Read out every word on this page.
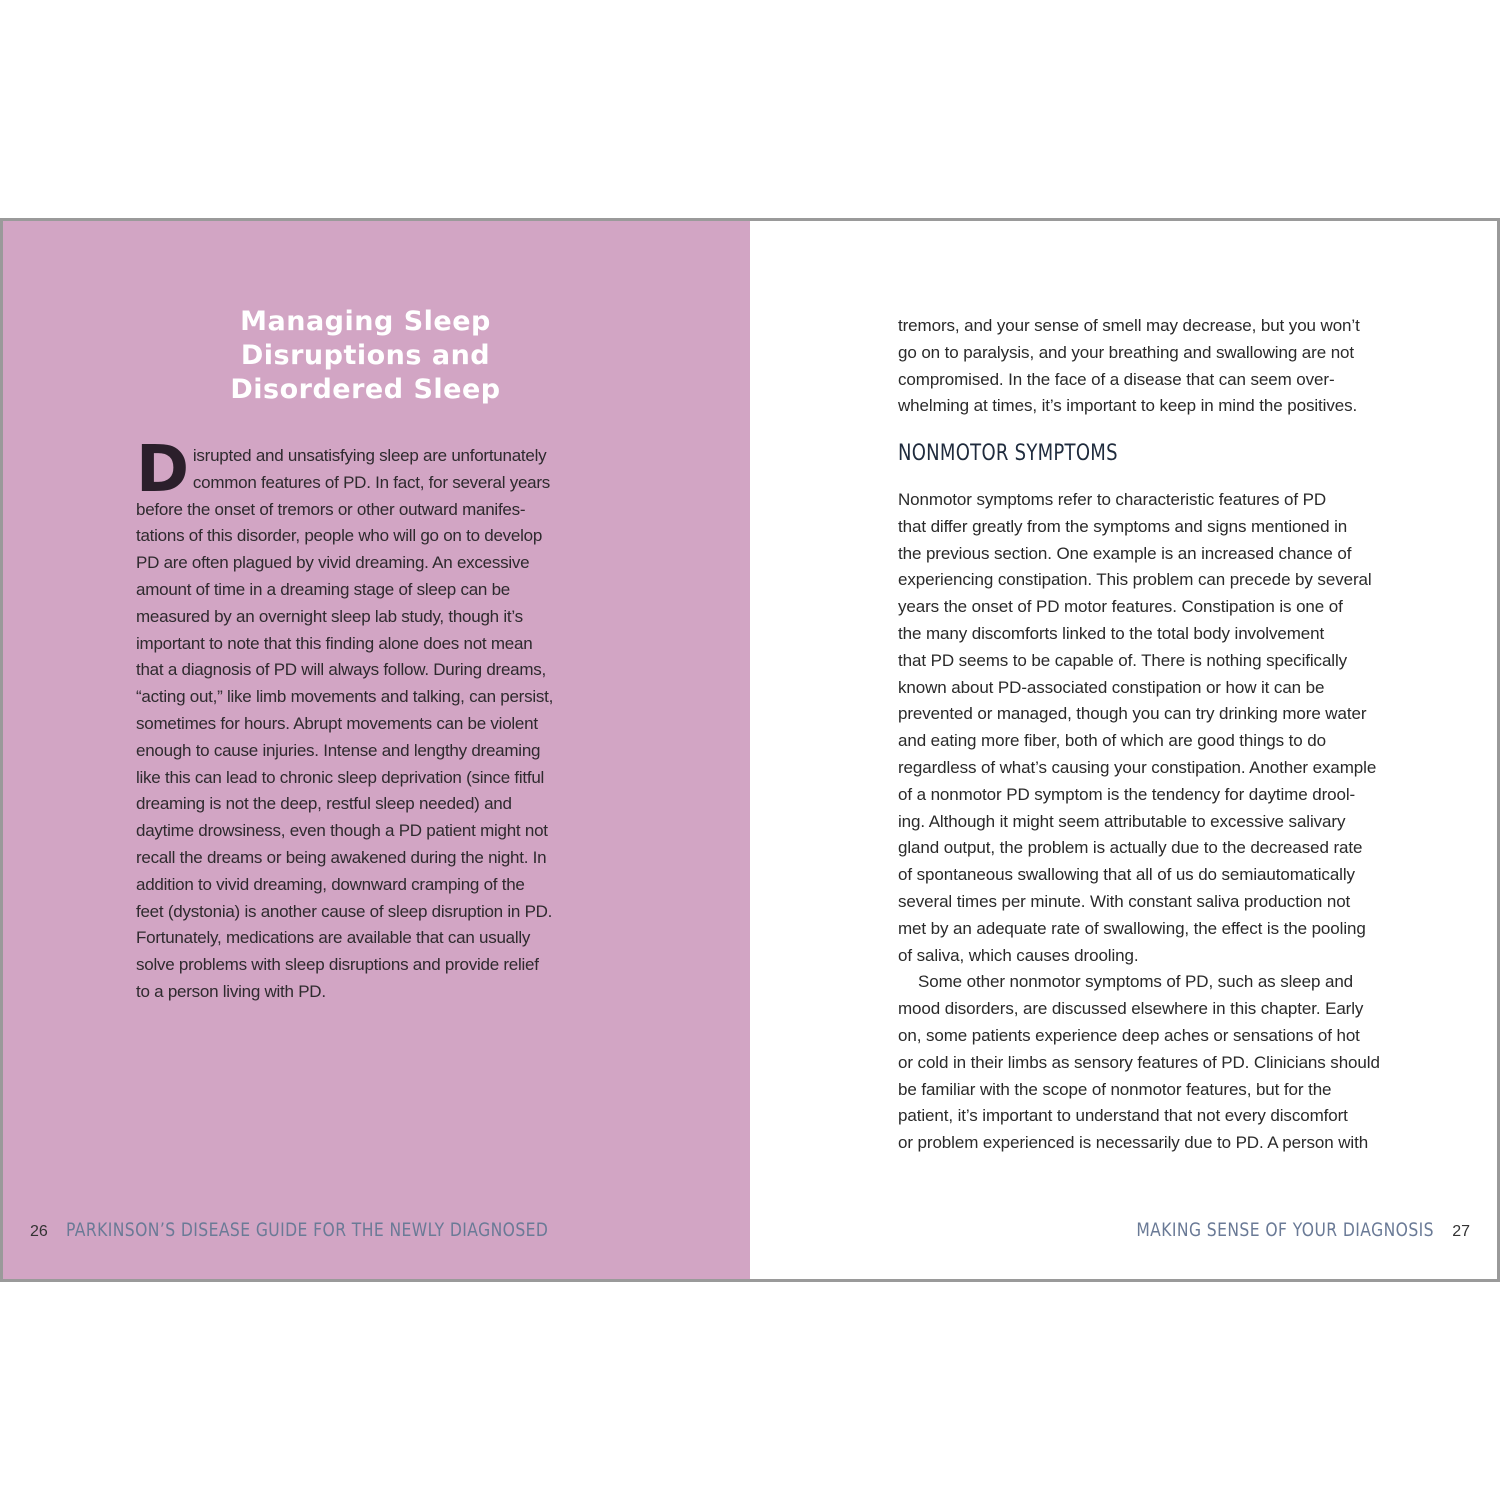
Managing Sleep
Disruptions and
Disordered Sleep
D isrupted and unsatisfying sleep are unfortunately
common features of PD. In fact, for several years
before the onset of tremors or other outward manifes-
tations of this disorder, people who will go on to develop
PD are often plagued by vivid dreaming. An excessive
amount of time in a dreaming stage of sleep can be
measured by an overnight sleep lab study, though it’s
important to note that this finding alone does not mean
that a diagnosis of PD will always follow. During dreams,
“acting out,” like limb movements and talking, can persist,
sometimes for hours. Abrupt movements can be violent
enough to cause injuries. Intense and lengthy dreaming
like this can lead to chronic sleep deprivation (since fitful
dreaming is not the deep, restful sleep needed) and
daytime drowsiness, even though a PD patient might not
recall the dreams or being awakened during the night. In
addition to vivid dreaming, downward cramping of the
feet (dystonia) is another cause of sleep disruption in PD.
Fortunately, medications are available that can usually
solve problems with sleep disruptions and provide relief
to a person living with PD.
26 PARKINSON’S DISEASE GUIDE FOR THE NEWLY DIAGNOSED
tremors, and your sense of smell may decrease, but you won’t
go on to paralysis, and your breathing and swallowing are not
compromised. In the face of a disease that can seem over-
whelming at times, it’s important to keep in mind the positives.
NONMOTOR SYMPTOMS
Nonmotor symptoms refer to characteristic features of PD
that differ greatly from the symptoms and signs mentioned in
the previous section. One example is an increased chance of
experiencing constipation. This problem can precede by several
years the onset of PD motor features. Constipation is one of
the many discomforts linked to the total body involvement
that PD seems to be capable of. There is nothing specifically
known about PD-associated constipation or how it can be
prevented or managed, though you can try drinking more water
and eating more fiber, both of which are good things to do
regardless of what’s causing your constipation. Another example
of a nonmotor PD symptom is the tendency for daytime drool-
ing. Although it might seem attributable to excessive salivary
gland output, the problem is actually due to the decreased rate
of spontaneous swallowing that all of us do semiautomatically
several times per minute. With constant saliva production not
met by an adequate rate of swallowing, the effect is the pooling
of saliva, which causes drooling.
Some other nonmotor symptoms of PD, such as sleep and
mood disorders, are discussed elsewhere in this chapter. Early
on, some patients experience deep aches or sensations of hot
or cold in their limbs as sensory features of PD. Clinicians should
be familiar with the scope of nonmotor features, but for the
patient, it’s important to understand that not every discomfort
or problem experienced is necessarily due to PD. A person with
MAKING SENSE OF YOUR DIAGNOSIS 27
